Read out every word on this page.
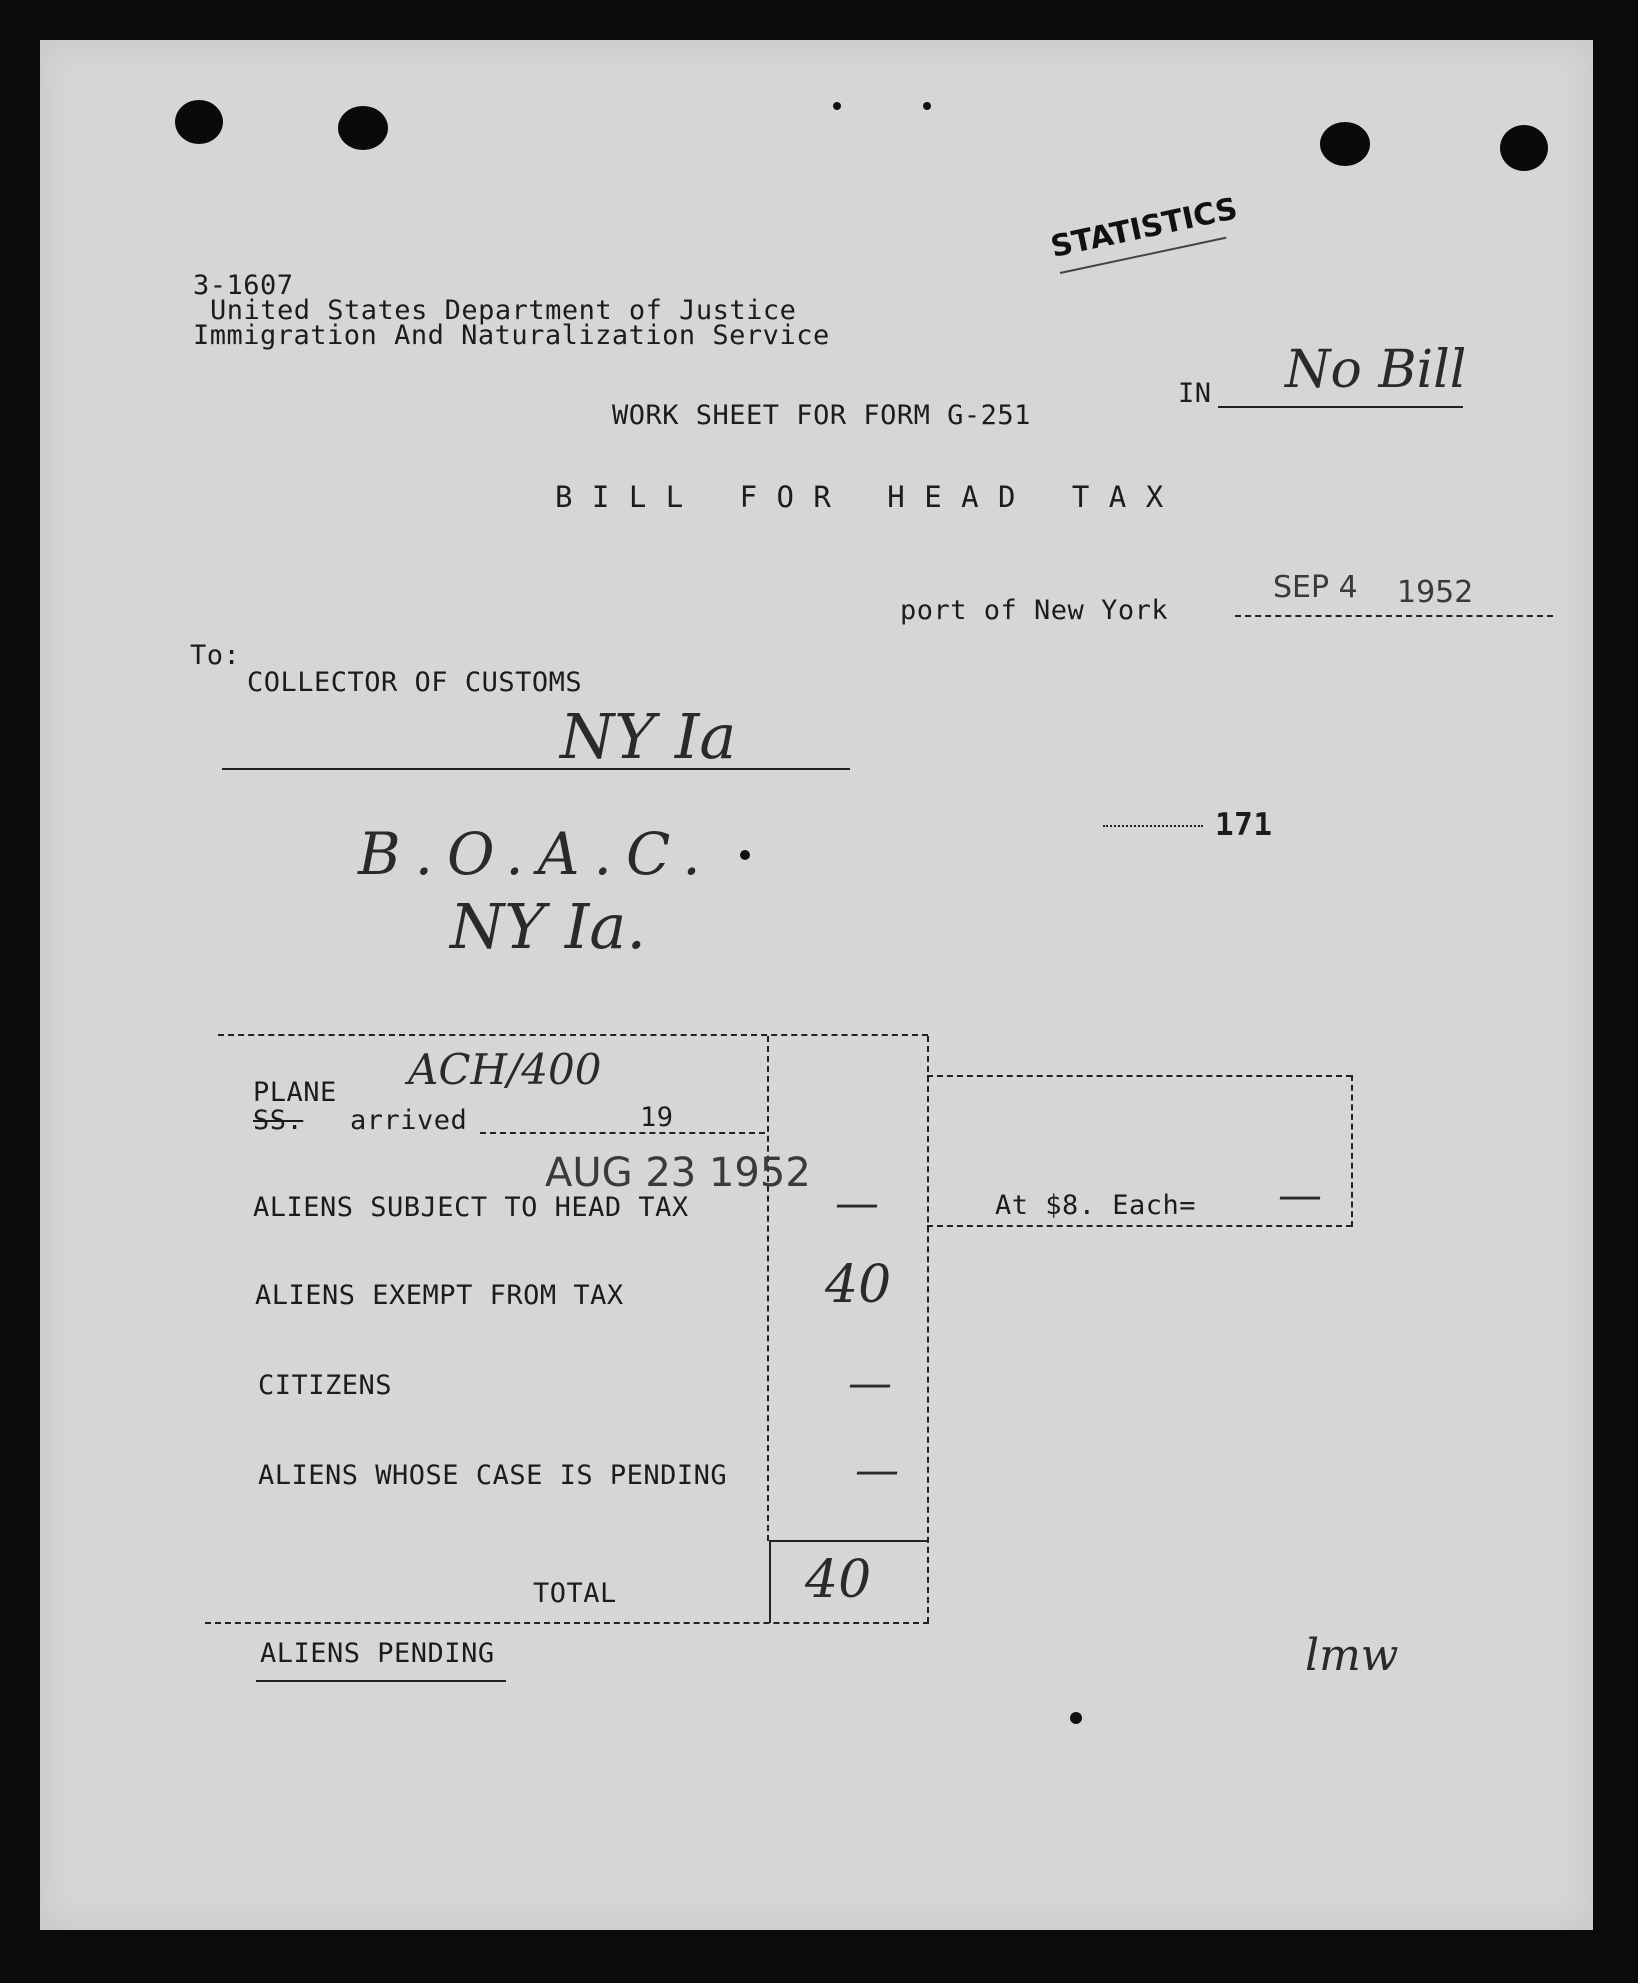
STATISTICS
3-1607
United States Department of Justice
Immigration And Naturalization Service
WORK SHEET FOR FORM G-251
IN No Bill
B I L L   F O R   H E A D   T A X
port of New York
SEP 4 1952
To:
COLLECTOR OF CUSTOMS
NY Ia
B.O.A.C.
NY Ia.
171
PLANE ACH/400
SS. arrived	19
AUG 23 1952
ALIENS SUBJECT TO HEAD TAX	—
ALIENS EXEMPT FROM TAX	40
CITIZENS	—
ALIENS WHOSE CASE IS PENDING	—
TOTAL	40
At $8. Each= —
ALIENS PENDING	lmw
